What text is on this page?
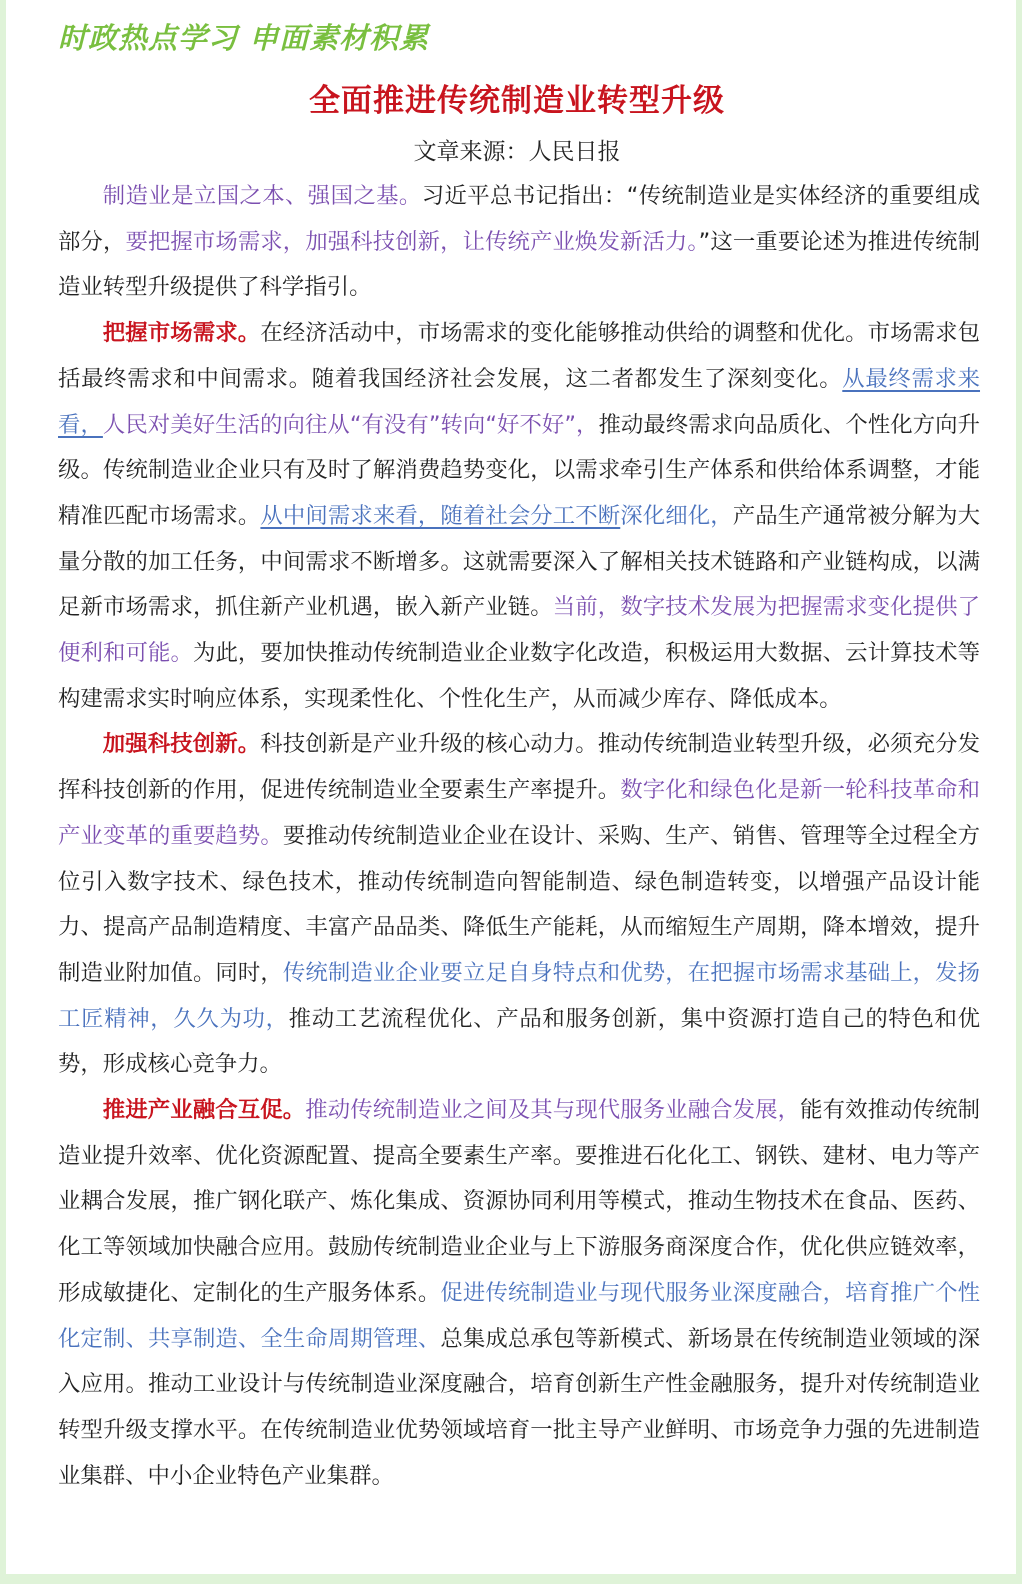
时政热点学习 申面素材积累
全面推进传统制造业转型升级
文章来源：人民日报

制造业是立国之本、强国之基。习近平总书记指出：“传统制造业是实体经济的重要组成部分，要把握市场需求，加强科技创新，让传统产业焕发新活力。”这一重要论述为推进传统制造业转型升级提供了科学指引。

把握市场需求。在经济活动中，市场需求的变化能够推动供给的调整和优化。市场需求包括最终需求和中间需求。随着我国经济社会发展，这二者都发生了深刻变化。从最终需求来看，人民对美好生活的向往从“有没有”转向“好不好”，推动最终需求向品质化、个性化方向升级。传统制造业企业只有及时了解消费趋势变化，以需求牵引生产体系和供给体系调整，才能精准匹配市场需求。从中间需求来看，随着社会分工不断深化细化，产品生产通常被分解为大量分散的加工任务，中间需求不断增多。这就需要深入了解相关技术链路和产业链构成，以满足新市场需求，抓住新产业机遇，嵌入新产业链。当前，数字技术发展为把握需求变化提供了便利和可能。为此，要加快推动传统制造业企业数字化改造，积极运用大数据、云计算技术等构建需求实时响应体系，实现柔性化、个性化生产，从而减少库存、降低成本。

加强科技创新。科技创新是产业升级的核心动力。推动传统制造业转型升级，必须充分发挥科技创新的作用，促进传统制造业全要素生产率提升。数字化和绿色化是新一轮科技革命和产业变革的重要趋势。要推动传统制造业企业在设计、采购、生产、销售、管理等全过程全方位引入数字技术、绿色技术，推动传统制造向智能制造、绿色制造转变，以增强产品设计能力、提高产品制造精度、丰富产品品类、降低生产能耗，从而缩短生产周期，降本增效，提升制造业附加值。同时，传统制造业企业要立足自身特点和优势，在把握市场需求基础上，发扬工匠精神，久久为功，推动工艺流程优化、产品和服务创新，集中资源打造自己的特色和优势，形成核心竞争力。

推进产业融合互促。推动传统制造业之间及其与现代服务业融合发展，能有效推动传统制造业提升效率、优化资源配置、提高全要素生产率。要推进石化化工、钢铁、建材、电力等产业耦合发展，推广钢化联产、炼化集成、资源协同利用等模式，推动生物技术在食品、医药、化工等领域加快融合应用。鼓励传统制造业企业与上下游服务商深度合作，优化供应链效率，形成敏捷化、定制化的生产服务体系。促进传统制造业与现代服务业深度融合，培育推广个性化定制、共享制造、全生命周期管理、总集成总承包等新模式、新场景在传统制造业领域的深入应用。推动工业设计与传统制造业深度融合，培育创新生产性金融服务，提升对传统制造业转型升级支撑水平。在传统制造业优势领域培育一批主导产业鲜明、市场竞争力强的先进制造业集群、中小企业特色产业集群。
